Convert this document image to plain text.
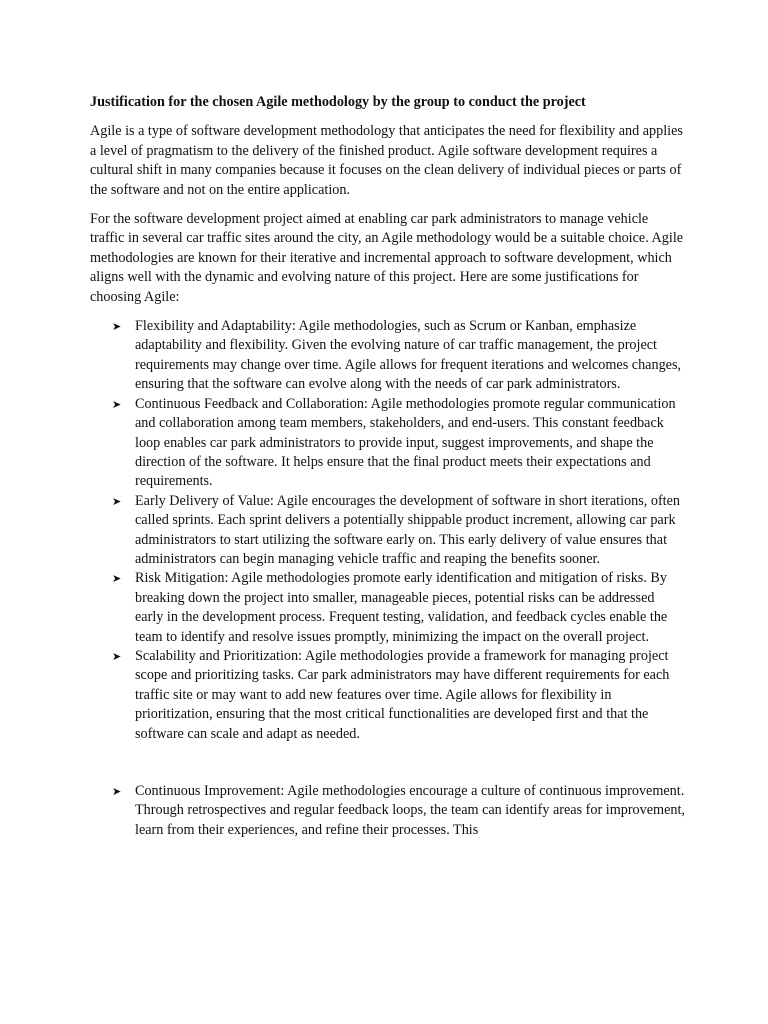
Justification for the chosen Agile methodology by the group to conduct the project

Agile is a type of software development methodology that anticipates the need for flexibility and applies a level of pragmatism to the delivery of the finished product. Agile software development requires a cultural shift in many companies because it focuses on the clean delivery of individual pieces or parts of the software and not on the entire application.

For the software development project aimed at enabling car park administrators to manage vehicle traffic in several car traffic sites around the city, an Agile methodology would be a suitable choice. Agile methodologies are known for their iterative and incremental approach to software development, which aligns well with the dynamic and evolving nature of this project. Here are some justifications for choosing Agile:

➤ Flexibility and Adaptability: Agile methodologies, such as Scrum or Kanban, emphasize adaptability and flexibility. Given the evolving nature of car traffic management, the project requirements may change over time. Agile allows for frequent iterations and welcomes changes, ensuring that the software can evolve along with the needs of car park administrators.
➤ Continuous Feedback and Collaboration: Agile methodologies promote regular communication and collaboration among team members, stakeholders, and end-users. This constant feedback loop enables car park administrators to provide input, suggest improvements, and shape the direction of the software. It helps ensure that the final product meets their expectations and requirements.
➤ Early Delivery of Value: Agile encourages the development of software in short iterations, often called sprints. Each sprint delivers a potentially shippable product increment, allowing car park administrators to start utilizing the software early on. This early delivery of value ensures that administrators can begin managing vehicle traffic and reaping the benefits sooner.
➤ Risk Mitigation: Agile methodologies promote early identification and mitigation of risks. By breaking down the project into smaller, manageable pieces, potential risks can be addressed early in the development process. Frequent testing, validation, and feedback cycles enable the team to identify and resolve issues promptly, minimizing the impact on the overall project.
➤ Scalability and Prioritization: Agile methodologies provide a framework for managing project scope and prioritizing tasks. Car park administrators may have different requirements for each traffic site or may want to add new features over time. Agile allows for flexibility in prioritization, ensuring that the most critical functionalities are developed first and that the software can scale and adapt as needed.
➤ Continuous Improvement: Agile methodologies encourage a culture of continuous improvement. Through retrospectives and regular feedback loops, the team can identify areas for improvement, learn from their experiences, and refine their processes. This
